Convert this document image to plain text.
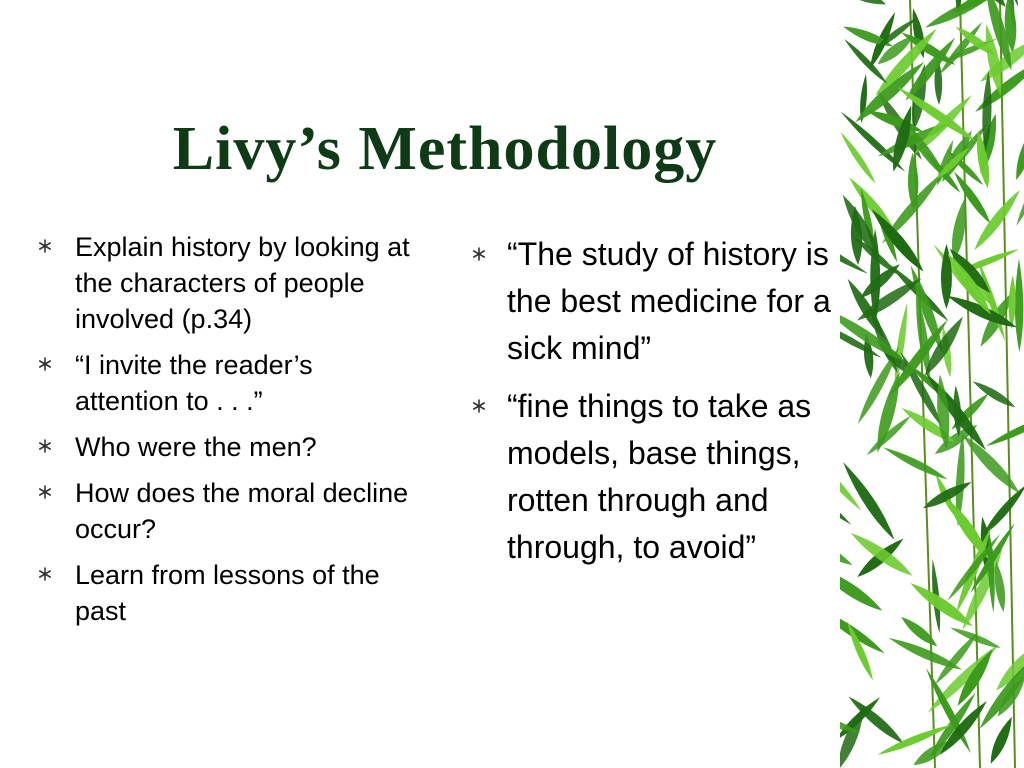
Livy’s Methodology
Explain history by looking at the characters of people involved (p.34)
“I invite the reader’s attention to . . .”
Who were the men?
How does the moral decline occur?
Learn from lessons of the past
“The study of history is the best medicine for a sick mind”
“fine things to take as models, base things, rotten through and through, to avoid”
